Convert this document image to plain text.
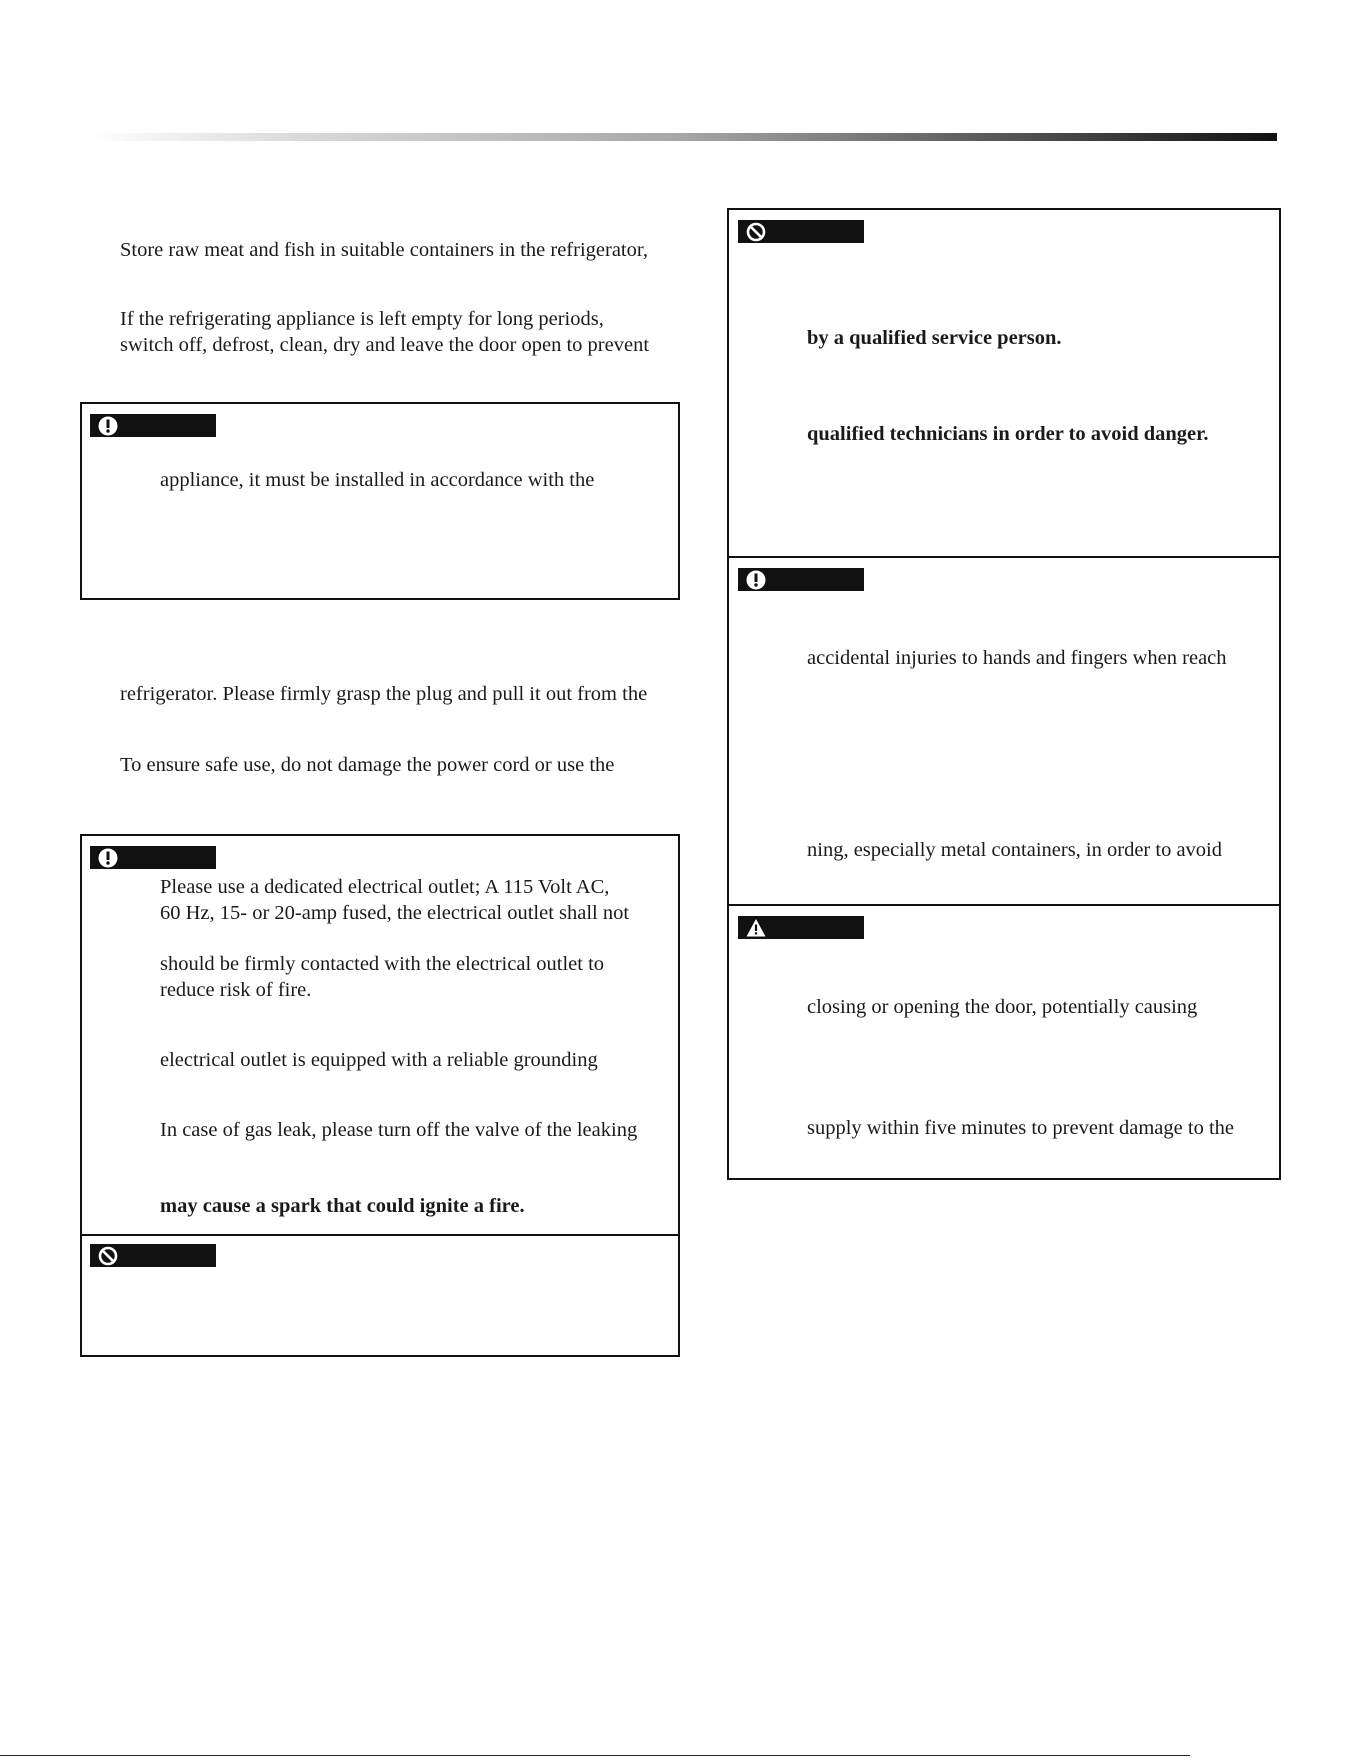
Store raw meat and fish in suitable containers in the refrigerator,
If the refrigerating appliance is left empty for long periods,
switch off, defrost, clean, dry and leave the door open to prevent
appliance, it must be installed in accordance with the
refrigerator. Please firmly grasp the plug and pull it out from the
To ensure safe use, do not damage the power cord or use the
Please use a dedicated electrical outlet; A 115 Volt AC,
60 Hz, 15- or 20-amp fused, the electrical outlet shall not
should be firmly contacted with the electrical outlet to
reduce risk of fire.
electrical outlet is equipped with a reliable grounding
In case of gas leak, please turn off the valve of the leaking
may cause a spark that could ignite a fire.
by a qualified service person.
qualified technicians in order to avoid danger.
accidental injuries to hands and fingers when reach
ning, especially metal containers, in order to avoid
closing or opening the door, potentially causing
supply within five minutes to prevent damage to the
